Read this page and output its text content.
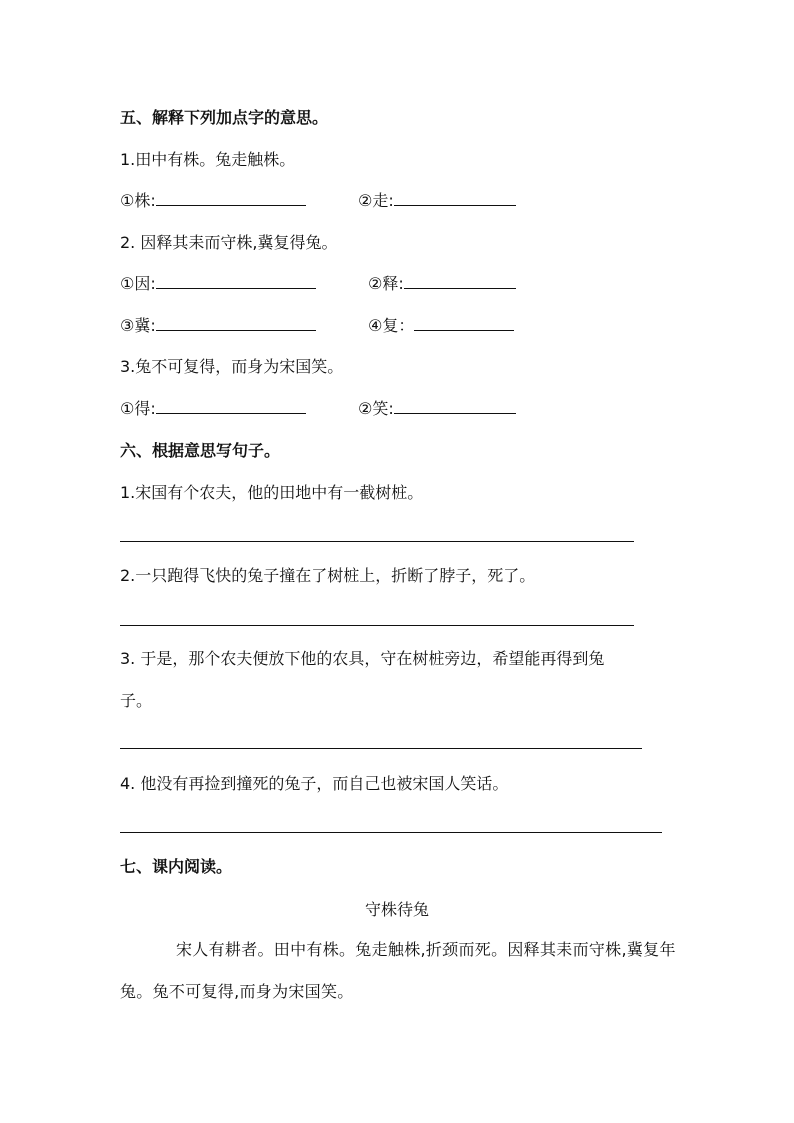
五、解释下列加点字的意思。
1.田中有株。兔走触株。
①株:	②走:
2. 因释其耒而守株,冀复得兔。
①因:	②释:
③冀:	④复：
3.兔不可复得，而身为宋国笑。
①得:	②笑:
六、根据意思写句子。
1.宋国有个农夫，他的田地中有一截树桩。
2.一只跑得飞快的兔子撞在了树桩上，折断了脖子，死了。
3. 于是，那个农夫便放下他的农具，守在树桩旁边，希望能再得到兔
子。
4. 他没有再捡到撞死的兔子，而自己也被宋国人笑话。
七、课内阅读。
守株待兔
宋人有耕者。田中有株。兔走触株,折颈而死。因释其耒而守株,冀复年兔。兔不可复得,而身为宋国笑。
